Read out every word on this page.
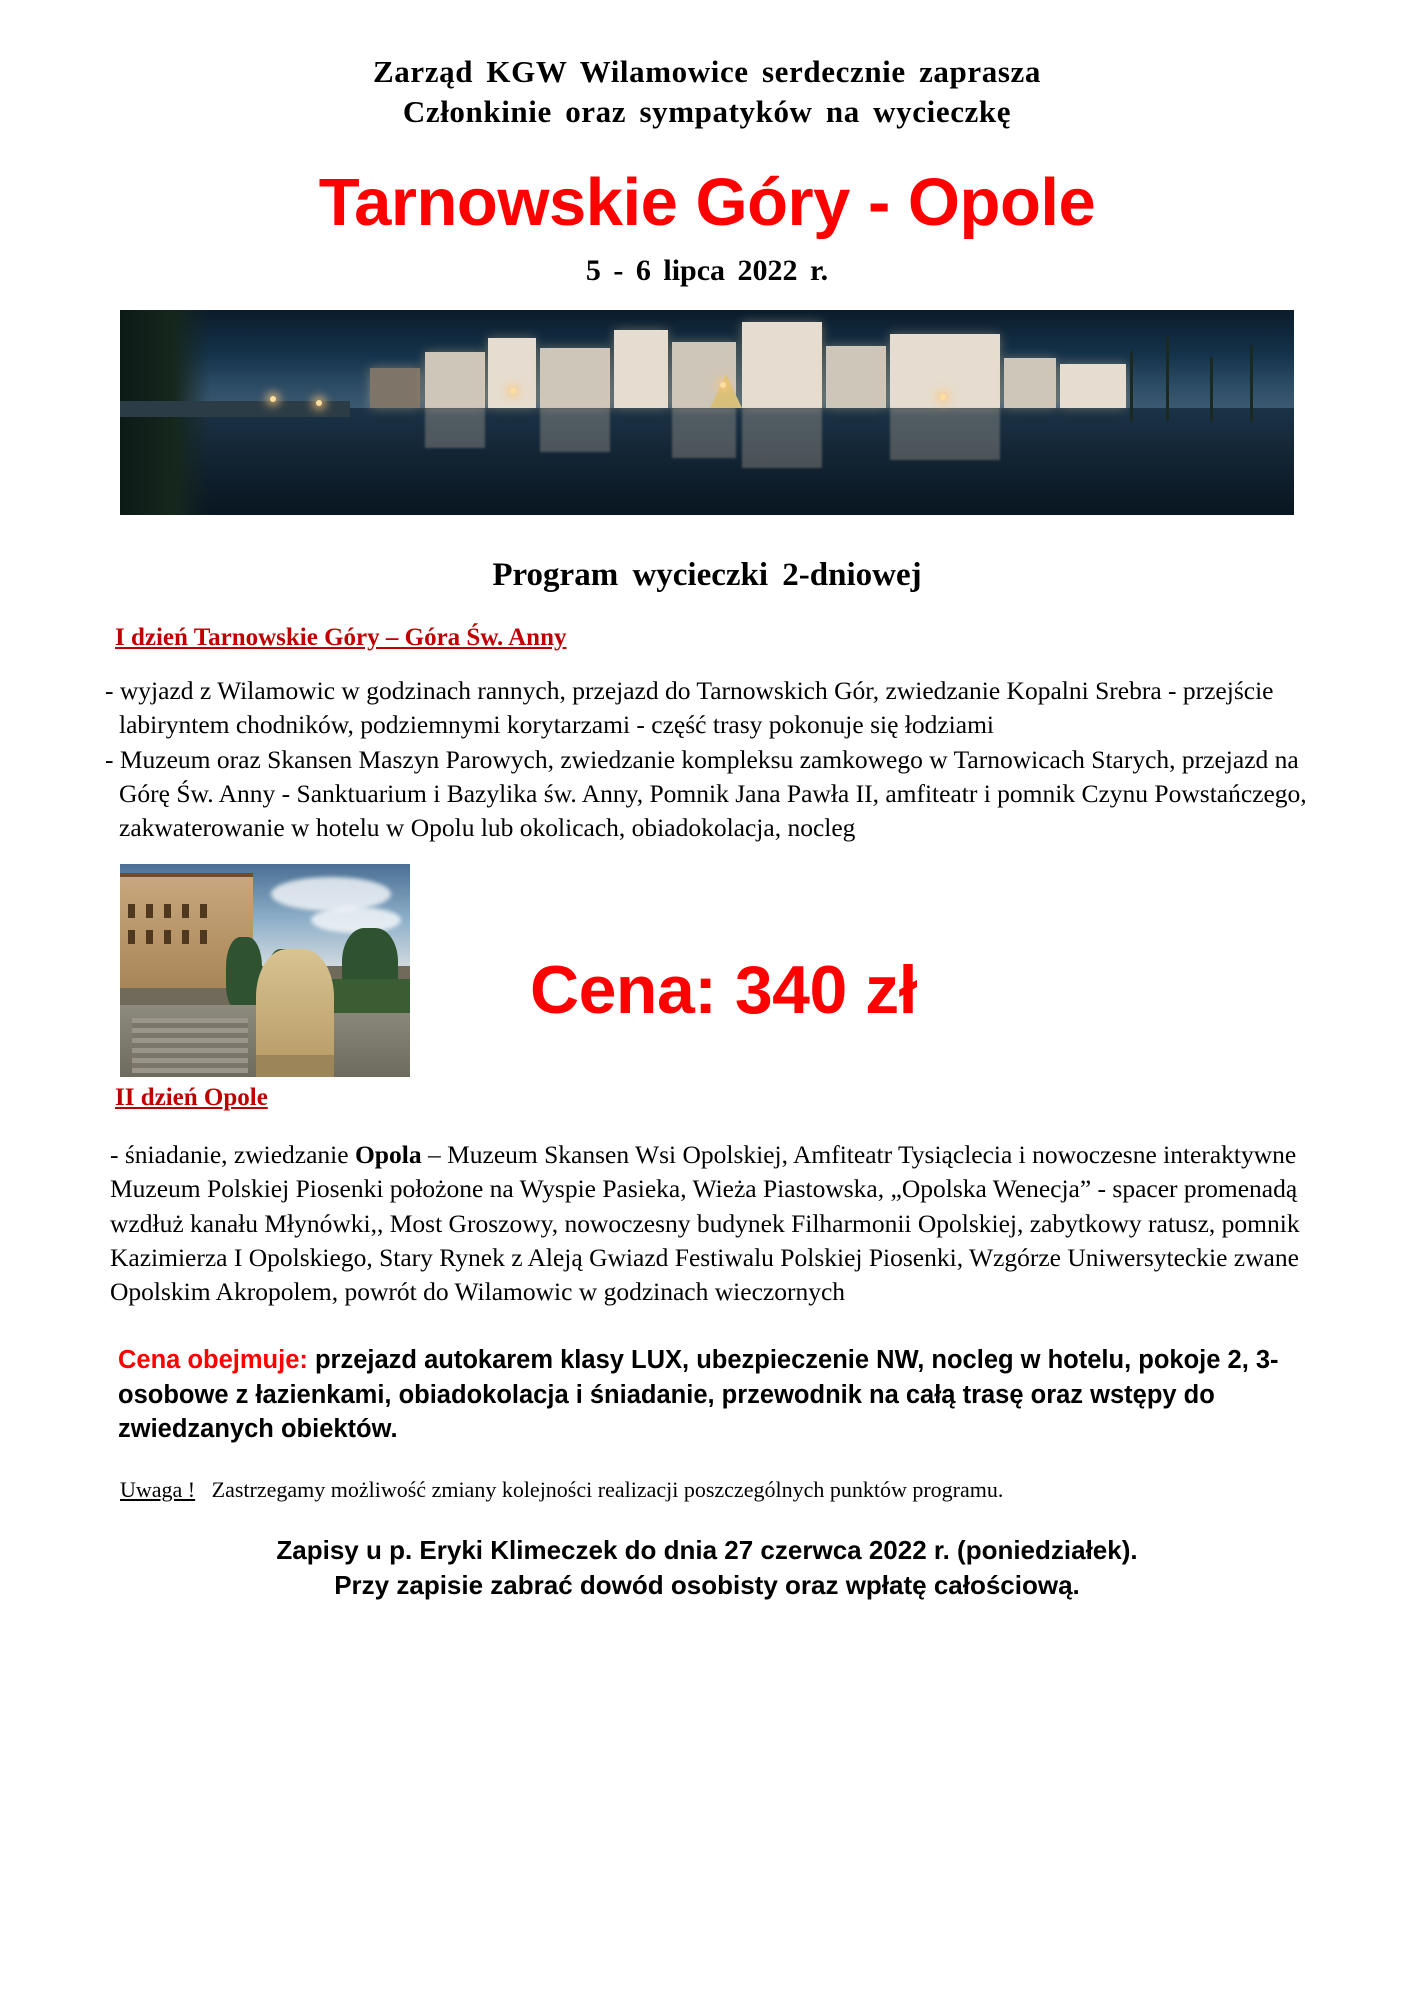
Zarząd KGW Wilamowice serdecznie zaprasza
Członkinie oraz sympatyków na wycieczkę
Tarnowskie Góry - Opole
5 - 6 lipca 2022 r.
Program wycieczki 2-dniowej
I dzień Tarnowskie Góry – Góra Św. Anny

- wyjazd z Wilamowic w godzinach rannych, przejazd do Tarnowskich Gór, zwiedzanie Kopalni Srebra - przejście labiryntem chodników, podziemnymi korytarzami - część trasy pokonuje się łodziami

- Muzeum oraz Skansen Maszyn Parowych, zwiedzanie kompleksu zamkowego w Tarnowicach Starych, przejazd na Górę Św. Anny - Sanktuarium i Bazylika św. Anny, Pomnik Jana Pawła II, amfiteatr i pomnik Czynu Powstańczego, zakwaterowanie w hotelu w Opolu lub okolicach, obiadokolacja, nocleg

Cena: 340 zł
II dzień Opole

- śniadanie, zwiedzanie Opola – Muzeum Skansen Wsi Opolskiej, Amfiteatr Tysiąclecia i nowoczesne interaktywne Muzeum Polskiej Piosenki położone na Wyspie Pasieka, Wieża Piastowska, „Opolska Wenecja” - spacer promenadą wzdłuż kanału Młynówki,, Most Groszowy, nowoczesny budynek Filharmonii Opolskiej, zabytkowy ratusz, pomnik Kazimierza I Opolskiego, Stary Rynek z Aleją Gwiazd Festiwalu Polskiej Piosenki, Wzgórze Uniwersyteckie zwane Opolskim Akropolem, powrót do Wilamowic w godzinach wieczornych

Cena obejmuje: przejazd autokarem klasy LUX, ubezpieczenie NW, nocleg w hotelu, pokoje 2, 3-osobowe z łazienkami, obiadokolacja i śniadanie, przewodnik na całą trasę oraz wstępy do zwiedzanych obiektów.
Uwaga ! Zastrzegamy możliwość zmiany kolejności realizacji poszczególnych punktów programu.
Zapisy u p. Eryki Klimeczek do dnia 27 czerwca 2022 r. (poniedziałek).
Przy zapisie zabrać dowód osobisty oraz wpłatę całościową.
